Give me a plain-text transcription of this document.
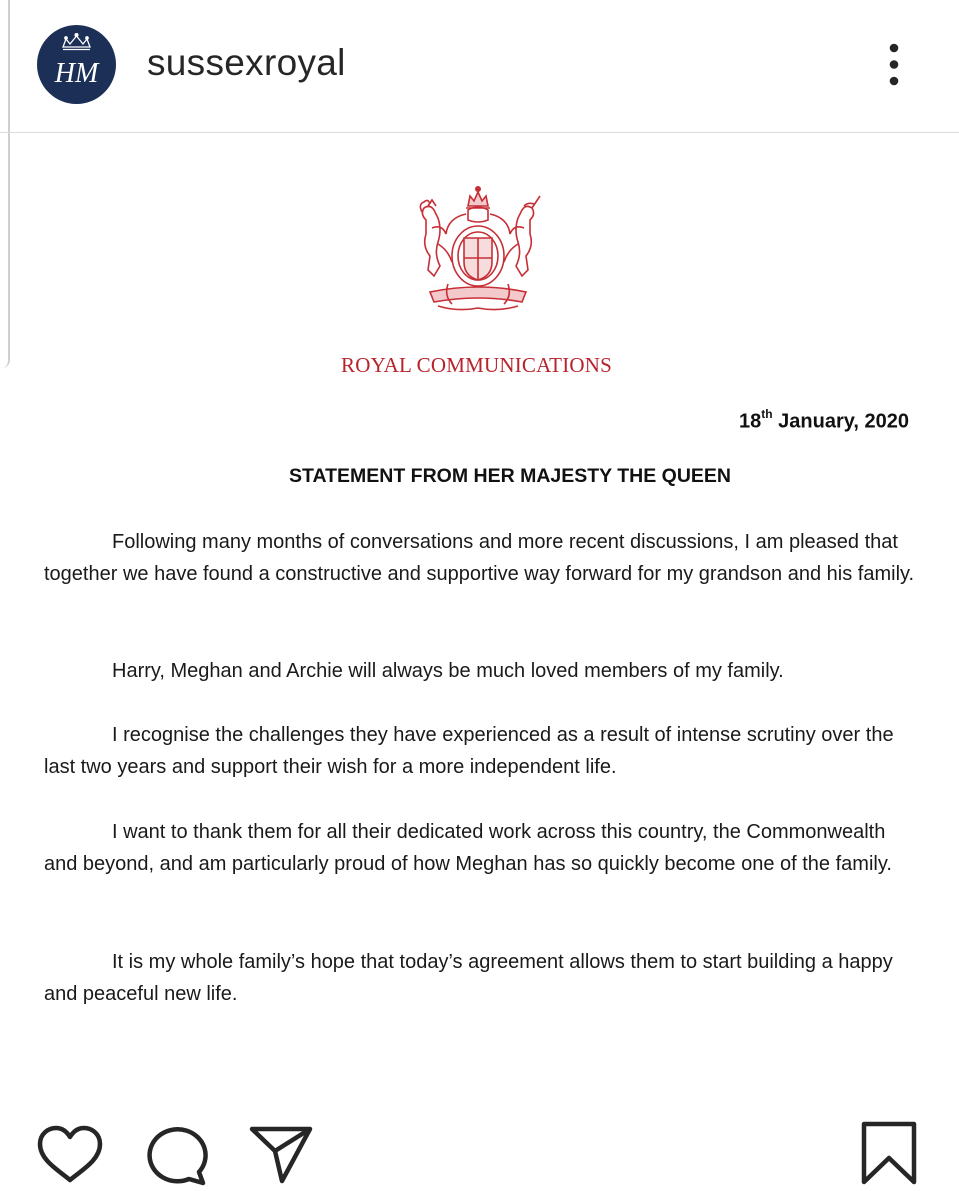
HM sussexroyal
ROYAL COMMUNICATIONS
18th January, 2020
STATEMENT FROM HER MAJESTY THE QUEEN
Following many months of conversations and more recent discussions, I am pleased that together we have found a constructive and supportive way forward for my grandson and his family.
Harry, Meghan and Archie will always be much loved members of my family.
I recognise the challenges they have experienced as a result of intense scrutiny over the last two years and support their wish for a more independent life.
I want to thank them for all their dedicated work across this country, the Commonwealth and beyond, and am particularly proud of how Meghan has so quickly become one of the family.
It is my whole family’s hope that today’s agreement allows them to start building a happy and peaceful new life.
